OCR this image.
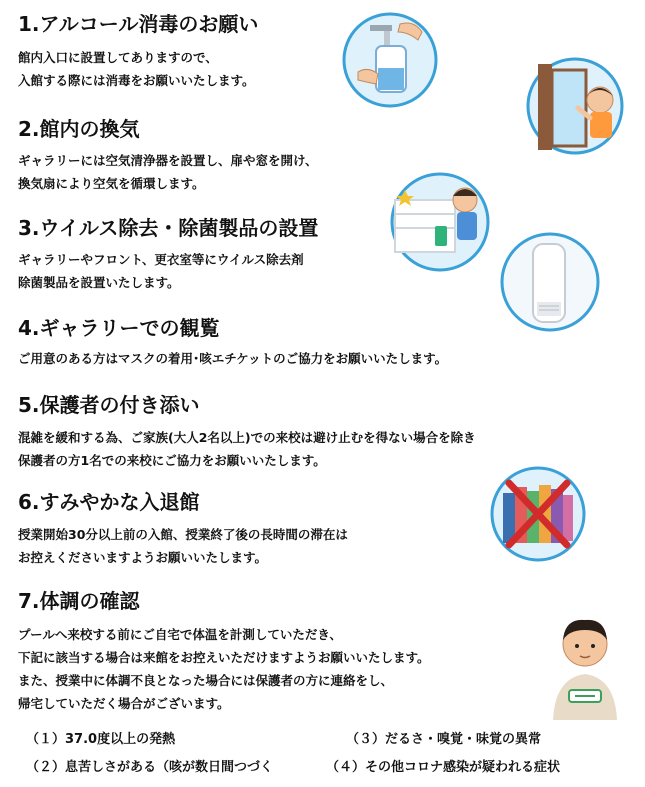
1.アルコール消毒のお願い

館内入口に設置してありますので、

入館する際には消毒をお願いいたします。

2.館内の換気

ギャラリーには空気清浄器を設置し、扉や窓を開け、

換気扇により空気を循環します。

3.ウイルス除去・除菌製品の設置

ギャラリーやフロント、更衣室等にウイルス除去剤

除菌製品を設置いたします。

4.ギャラリーでの観覧

ご用意のある方はマスクの着用･咳エチケットのご協力をお願いいたします。

5.保護者の付き添い

混雑を緩和する為、ご家族(大人2名以上)での来校は避け止むを得ない場合を除き

保護者の方1名での来校にご協力をお願いいたします。

6.すみやかな入退館

授業開始30分以上前の入館、授業終了後の長時間の滞在は

お控えくださいますようお願いいたします。

7.体調の確認

プールへ来校する前にご自宅で体温を計測していただき、

下記に該当する場合は来館をお控えいただけますようお願いいたします。

また、授業中に体調不良となった場合には保護者の方に連絡をし、

帰宅していただく場合がございます。

（１）37.0度以上の発熱	（３）だるさ・嗅覚・味覚の異常
（２）息苦しさがある（咳が数日間つづく	（４）その他コロナ感染が疑われる症状
